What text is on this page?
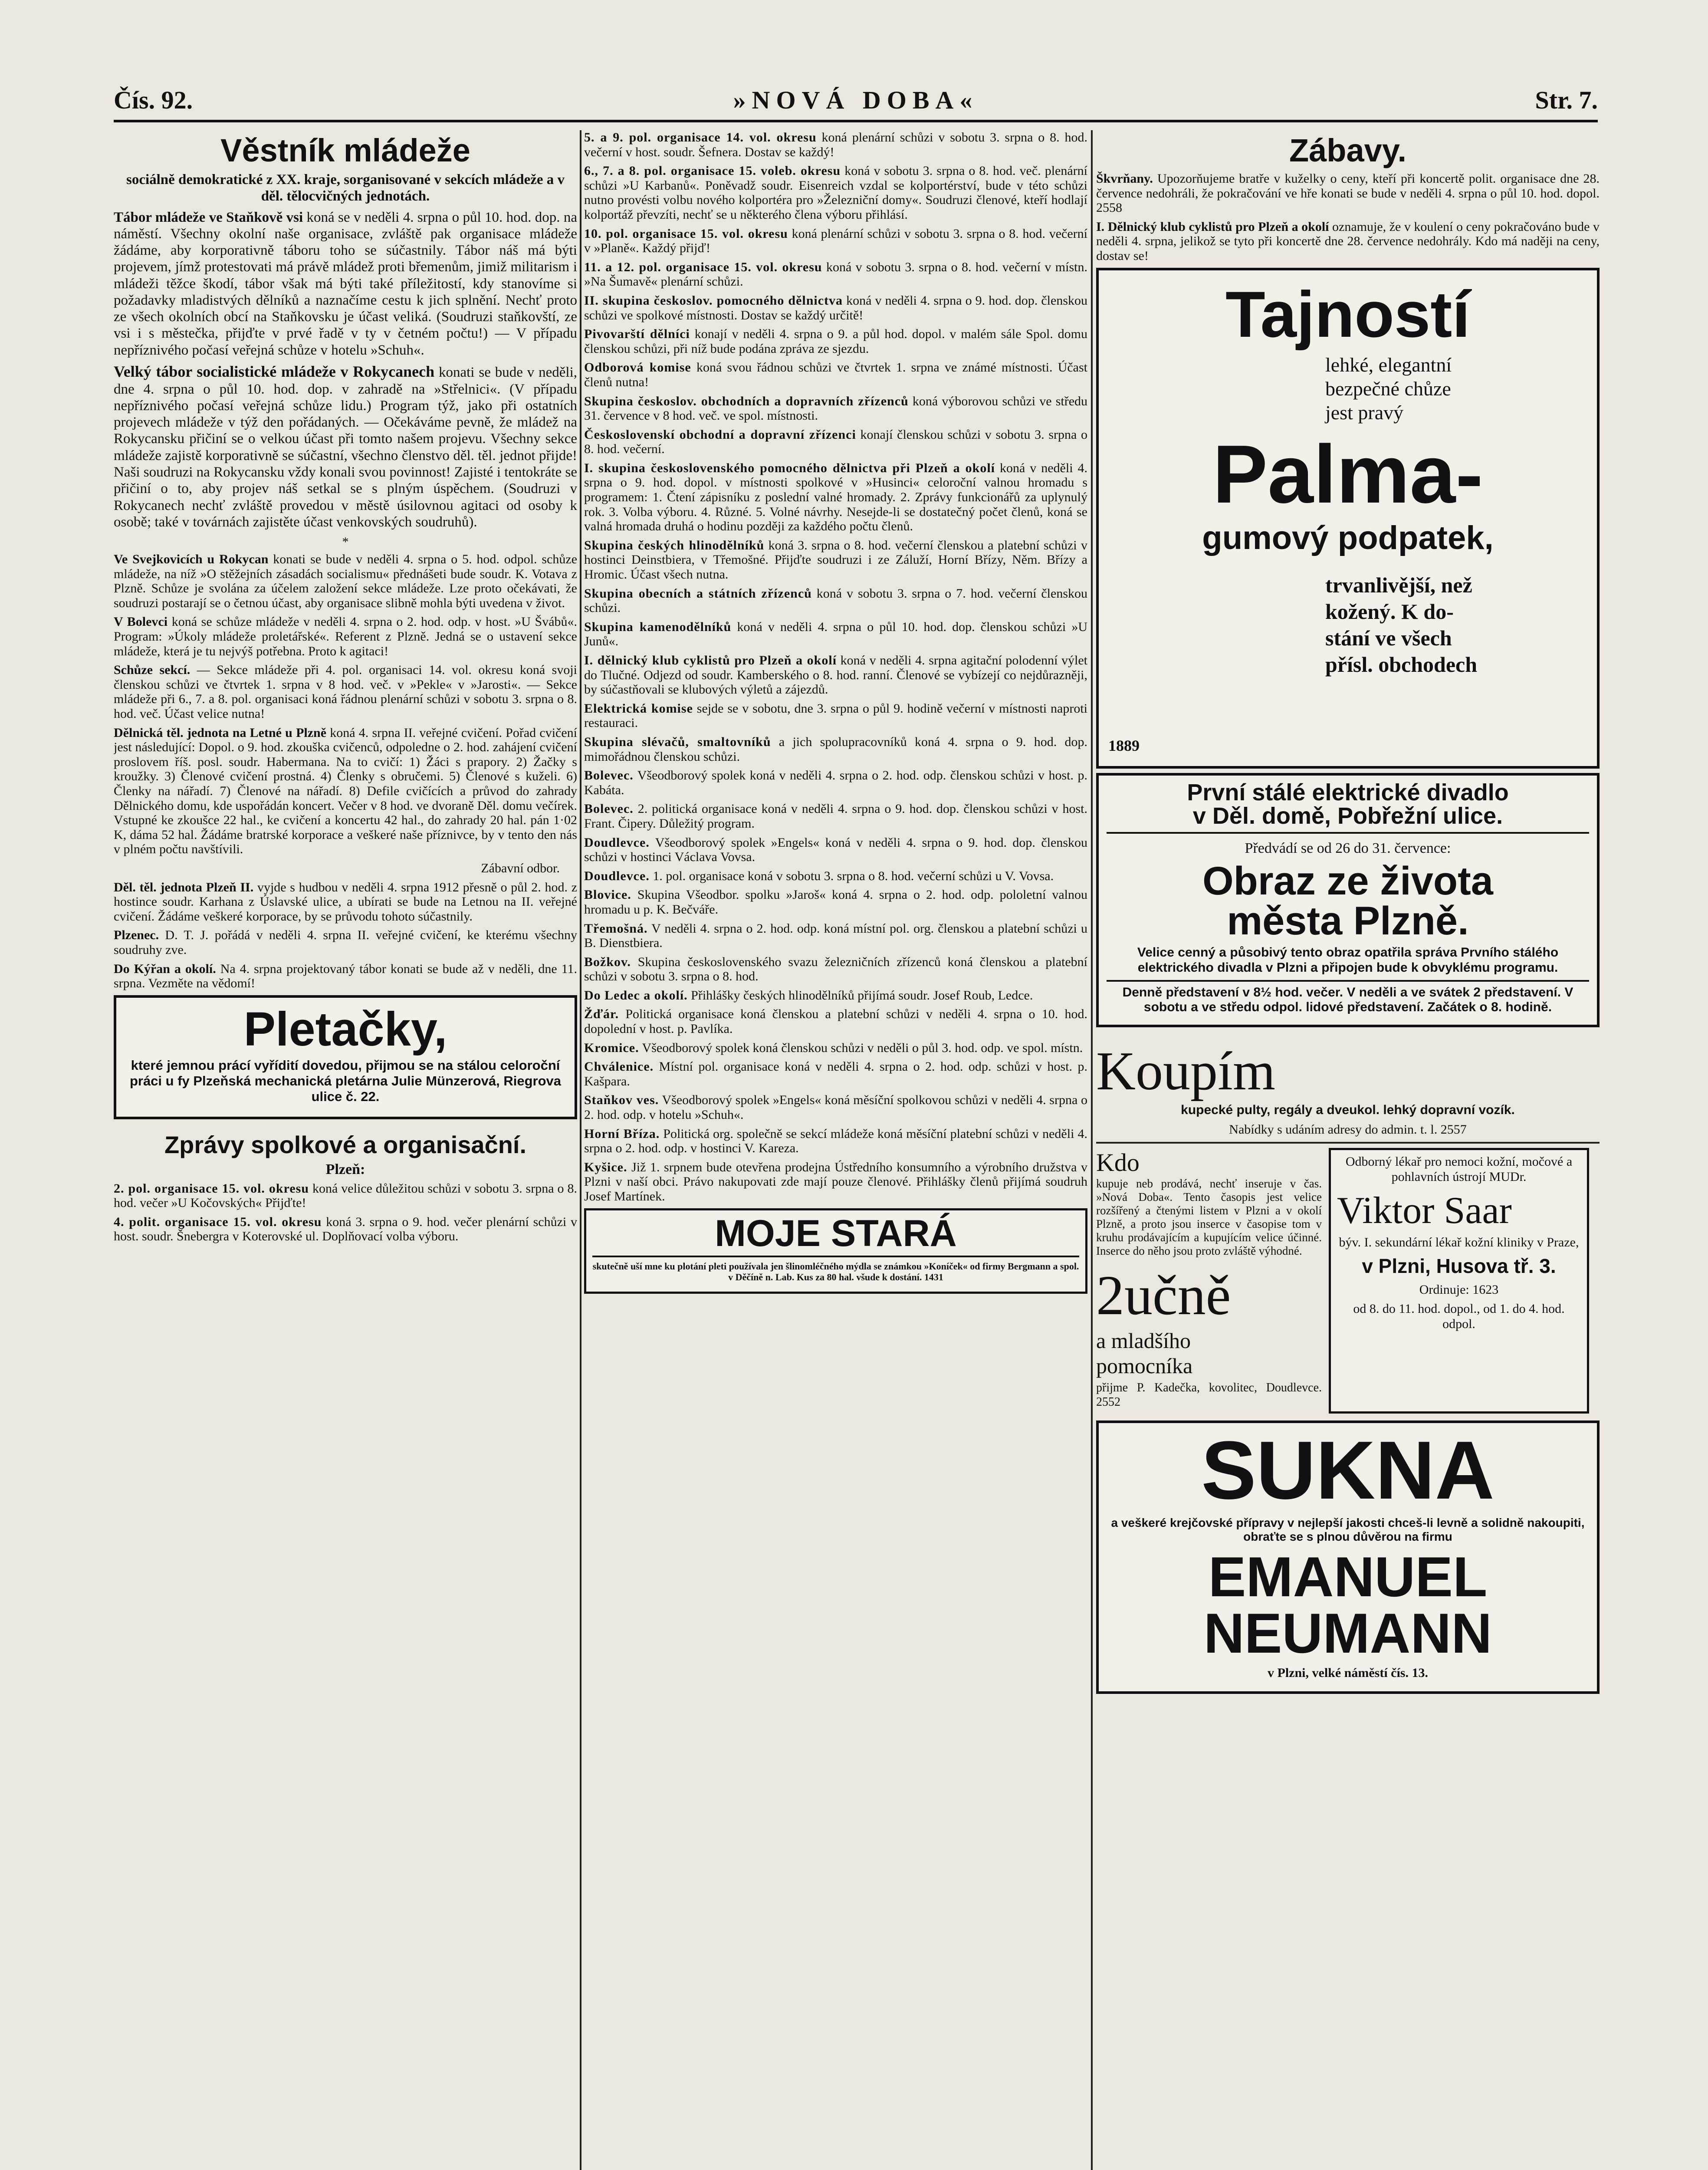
Čís. 92.	»NOVÁ DOBA«	Str. 7.
Věstník mládeže

sociálně demokratické z XX. kraje, sorganisované v sekcích mládeže a v děl. tělocvičných jednotách.

Tábor mládeže ve Staňkově vsi koná se v neděli 4. srpna o půl 10. hod. dop. na náměstí. Všechny okolní naše organisace, zvláště pak organisace mládeže žádáme, aby korporativně táboru toho se súčastnily. Tábor náš má býti projevem, jímž protestovati má právě mládež proti břemenům, jimiž militarism i mládeži těžce škodí, tábor však má býti také příležitostí, kdy stanovíme si požadavky mladistvých dělníků a naznačíme cestu k jich splnění. Nechť proto ze všech okolních obcí na Staňkovsku je účast veliká. (Soudruzi staňkovští, ze vsi i s městečka, přijďte v prvé řadě v ty v četném počtu!) — V případu nepříznivého počasí veřejná schůze v hotelu »Schuh«.

Velký tábor socialistické mládeže v Rokycanech konati se bude v neděli, dne 4. srpna o půl 10. hod. dop. v zahradě na »Střelnici«. (V případu nepříznivého počasí veřejná schůze lidu.) Program týž, jako při ostatních projevech mládeže v týž den pořádaných. — Očekáváme pevně, že mládež na Rokycansku přičiní se o velkou účast při tomto našem projevu. Všechny sekce mládeže zajistě korporativně se súčastní, všechno členstvo děl. těl. jednot přijde! Naši soudruzi na Rokycansku vždy konali svou povinnost! Zajisté i tentokráte se přičiní o to, aby projev náš setkal se s plným úspěchem. (Soudruzi v Rokycanech nechť zvláště provedou v městě úsilovnou agitaci od osoby k osobě; také v továrnách zajistěte účast venkovských soudruhů).

*

Ve Svejkovicích u Rokycan konati se bude v neděli 4. srpna o 5. hod. odpol. schůze mládeže, na níž »O stěžejních zásadách socialismu« přednášeti bude soudr. K. Votava z Plzně. Schůze je svolána za účelem založení sekce mládeže. Lze proto očekávati, že soudruzi postarají se o četnou účast, aby organisace slibně mohla býti uvedena v život.

V Bolevci koná se schůze mládeže v neděli 4. srpna o 2. hod. odp. v host. »U Švábů«. Program: »Úkoly mládeže proletářské«. Referent z Plzně. Jedná se o ustavení sekce mládeže, která je tu nejvýš potřebna. Proto k agitaci!

Schůze sekcí. — Sekce mládeže při 4. pol. organisaci 14. vol. okresu koná svoji členskou schůzi ve čtvrtek 1. srpna v 8 hod. več. v »Pekle« v »Jarosti«. — Sekce mládeže při 6., 7. a 8. pol. organisaci koná řádnou plenární schůzi v sobotu 3. srpna o 8. hod. več. Účast velice nutna!

Dělnická těl. jednota na Letné u Plzně koná 4. srpna II. veřejné cvičení. Pořad cvičení jest následující: Dopol. o 9. hod. zkouška cvičenců, odpoledne o 2. hod. zahájení cvičení proslovem říš. posl. soudr. Habermana. Na to cvičí: 1) Žáci s prapory. 2) Žačky s kroužky. 3) Členové cvičení prostná. 4) Členky s obručemi. 5) Členové s kuželi. 6) Členky na nářadí. 7) Členové na nářadí. 8) Defile cvičících a průvod do zahrady Dělnického domu, kde uspořádán koncert. Večer v 8 hod. ve dvoraně Děl. domu večírek. Vstupné ke zkoušce 22 hal., ke cvičení a koncertu 42 hal., do zahrady 20 hal. pán 1·02 K, dáma 52 hal. Žádáme bratrské korporace a veškeré naše příznivce, by v tento den nás v plném počtu navštívili.

Zábavní odbor.

Děl. těl. jednota Plzeň II. vyjde s hudbou v neděli 4. srpna 1912 přesně o půl 2. hod. z hostince soudr. Karhana z Úslavské ulice, a ubírati se bude na Letnou na II. veřejné cvičení. Žádáme veškeré korporace, by se průvodu tohoto súčastnily.

Plzenec. D. T. J. pořádá v neděli 4. srpna II. veřejné cvičení, ke kterému všechny soudruhy zve.

Do Kýřan a okolí. Na 4. srpna projektovaný tábor konati se bude až v neděli, dne 11. srpna. Vezměte na vědomí!

Pletačky,

které jemnou prácí vyřídití dovedou, přijmou se na stálou celoroční práci u fy Plzeňská mechanická pletárna Julie Münzerová, Riegrova ulice č. 22.

Zprávy spolkové a organisační.
Plzeň:

2. pol. organisace 15. vol. okresu koná velice důležitou schůzi v sobotu 3. srpna o 8. hod. večer »U Kočovských« Přijďte!

4. polit. organisace 15. vol. okresu koná 3. srpna o 9. hod. večer plenární schůzi v host. soudr. Šnebergra v Koterovské ul. Doplňovací volba výboru.

5. a 9. pol. organisace 14. vol. okresu koná plenární schůzi v sobotu 3. srpna o 8. hod. večerní v host. soudr. Šefnera. Dostav se každý!

6., 7. a 8. pol. organisace 15. voleb. okresu koná v sobotu 3. srpna o 8. hod. več. plenární schůzi »U Karbanů«. Poněvadž soudr. Eisenreich vzdal se kolportérství, bude v této schůzi nutno provésti volbu nového kolportéra pro »Železniční domy«. Soudruzi členové, kteří hodlají kolportáž převzíti, nechť se u některého člena výboru přihlásí.

10. pol. organisace 15. vol. okresu koná plenární schůzi v sobotu 3. srpna o 8. hod. večerní v »Planě«. Každý přijď!

11. a 12. pol. organisace 15. vol. okresu koná v sobotu 3. srpna o 8. hod. večerní v místn. »Na Šumavě« plenární schůzi.

II. skupina českoslov. pomocného dělnictva koná v neděli 4. srpna o 9. hod. dop. členskou schůzi ve spolkové místnosti. Dostav se každý určitě!

Pivovarští dělníci konají v neděli 4. srpna o 9. a půl hod. dopol. v malém sále Spol. domu členskou schůzi, při níž bude podána zpráva ze sjezdu.

Odborová komise koná svou řádnou schůzi ve čtvrtek 1. srpna ve známé místnosti. Účast členů nutna!

Skupina českoslov. obchodních a dopravních zřízenců koná výborovou schůzi ve středu 31. července v 8 hod. več. ve spol. místnosti.

Československí obchodní a dopravní zřízenci konají členskou schůzi v sobotu 3. srpna o 8. hod. večerní.

I. skupina československého pomocného dělnictva při Plzeň a okolí koná v neděli 4. srpna o 9. hod. dopol. v místnosti spolkové v »Husinci« celoroční valnou hromadu s programem: 1. Čtení zápisníku z poslední valné hromady. 2. Zprávy funkcionářů za uplynulý rok. 3. Volba výboru. 4. Různé. 5. Volné návrhy. Nesejde-li se dostatečný počet členů, koná se valná hromada druhá o hodinu později za každého počtu členů.

Skupina českých hlinodělníků koná 3. srpna o 8. hod. večerní členskou a platební schůzi v hostinci Deinstbiera, v Třemošné. Přijďte soudruzi i ze Záluží, Horní Břízy, Něm. Břízy a Hromic. Účast všech nutna.

Skupina obecních a státních zřízenců koná v sobotu 3. srpna o 7. hod. večerní členskou schůzi.

Skupina kamenodělníků koná v neděli 4. srpna o půl 10. hod. dop. členskou schůzi »U Junů«.

I. dělnický klub cyklistů pro Plzeň a okolí koná v neděli 4. srpna agitační polodenní výlet do Tlučné. Odjezd od soudr. Kamberského o 8. hod. ranní. Členové se vybízejí co nejdůrazněji, by súčastňovali se klubových výletů a zájezdů.

Elektrická komise sejde se v sobotu, dne 3. srpna o půl 9. hodině večerní v místnosti naproti restauraci.

Skupina slévačů, smaltovníků a jich spolupracovníků koná 4. srpna o 9. hod. dop. mimořádnou členskou schůzi.

Bolevec. Všeodborový spolek koná v neděli 4. srpna o 2. hod. odp. členskou schůzi v host. p. Kabáta.

Bolevec. 2. politická organisace koná v neděli 4. srpna o 9. hod. dop. členskou schůzi v host. Frant. Čipery. Důležitý program.

Doudlevce. Všeodborový spolek »Engels« koná v neděli 4. srpna o 9. hod. dop. členskou schůzi v hostinci Václava Vovsa.

Doudlevce. 1. pol. organisace koná v sobotu 3. srpna o 8. hod. večerní schůzi u V. Vovsa.

Blovice. Skupina Všeodbor. spolku »Jaroš« koná 4. srpna o 2. hod. odp. pololetní valnou hromadu u p. K. Bečváře.

Třemošná. V neděli 4. srpna o 2. hod. odp. koná místní pol. org. členskou a platební schůzi u B. Dienstbiera.

Božkov. Skupina československého svazu železničních zřízenců koná členskou a platební schůzi v sobotu 3. srpna o 8. hod.

Do Ledec a okolí. Přihlášky českých hlinodělníků přijímá soudr. Josef Roub, Ledce.

Žďár. Politická organisace koná členskou a platební schůzi v neděli 4. srpna o 10. hod. dopolední v host. p. Pavlíka.

Kromice. Všeodborový spolek koná členskou schůzi v neděli o půl 3. hod. odp. ve spol. místn.

Chválenice. Místní pol. organisace koná v neděli 4. srpna o 2. hod. odp. schůzi v host. p. Kašpara.

Staňkov ves. Všeodborový spolek »Engels« koná měsíční spolkovou schůzi v neděli 4. srpna o 2. hod. odp. v hotelu »Schuh«.

Horní Bříza. Politická org. společně se sekcí mládeže koná měsíční platební schůzi v neděli 4. srpna o 2. hod. odp. v hostinci V. Kareza.

Kyšice. Již 1. srpnem bude otevřena prodejna Ústředního konsumního a výrobního družstva v Plzni v naší obci. Právo nakupovati zde mají pouze členové. Přihlášky členů přijímá soudruh Josef Martínek.

MOJE STARÁ

skutečně uší mne ku plotání pleti používala jen šlinomléčného mýdla se známkou »Koníček« od firmy Bergmann a spol. v Děčíně n. Lab. Kus za 80 hal. všude k dostání. 1431

Zábavy.

Škvrňany. Upozorňujeme bratře v kuželky o ceny, kteří při koncertě polit. organisace dne 28. července nedohráli, že pokračování ve hře konati se bude v neděli 4. srpna o půl 10. hod. dopol. 2558

I. Dělnický klub cyklistů pro Plzeň a okolí oznamuje, že v koulení o ceny pokračováno bude v neděli 4. srpna, jelikož se tyto při koncertě dne 28. července nedohrály. Kdo má naději na ceny, dostav se!

Tajností
lehké, elegantní
bezpečné chůze
jest pravý
Palma-
gumový podpatek,
trvanlivější, než
kožený. K do-
stání ve všech
přísl. obchodech
1889
První stálé elektrické divadlo
v Děl. domě, Pobřežní ulice.

Předvádí se od 26 do 31. července:

Obraz ze života
města Plzně.

Velice cenný a působivý tento obraz opatřila správa Prvního stálého elektrického divadla v Plzni a připojen bude k obvyklému programu.

Denně představení v 8½ hod. večer. V neděli a ve svátek 2 představení. V sobotu a ve středu odpol. lidové představení. Začátek o 8. hodině.

Koupím

kupecké pulty, regály a dveukol. lehký dopravní vozík.

Nabídky s udáním adresy do admin. t. l. 2557

Kdo

kupuje neb prodává, nechť inseruje v čas. »Nová Doba«. Tento časopis jest velice rozšířený a čtenými listem v Plzni a v okolí Plzně, a proto jsou inserce v časopise tom v kruhu prodávajícím a kupujícím velice účinné. Inserce do něho jsou proto zvláště výhodné.

2učně
a mladšího
pomocníka

přijme P. Kadečka, kovolitec, Doudlevce. 2552

Odborný lékař pro nemoci kožní, močové a pohlavních ústrojí MUDr.

Viktor Saar

býv. I. sekundární lékař kožní kliniky v Praze,

v Plzni, Husova tř. 3.

Ordinuje: 1623

od 8. do 11. hod. dopol., od 1. do 4. hod. odpol.

SUKNA

a veškeré krejčovské přípravy v nejlepší jakosti chceš-li levně a solidně nakoupiti, obraťte se s plnou důvěrou na firmu

EMANUEL
NEUMANN

v Plzni, velké náměstí čís. 13.
